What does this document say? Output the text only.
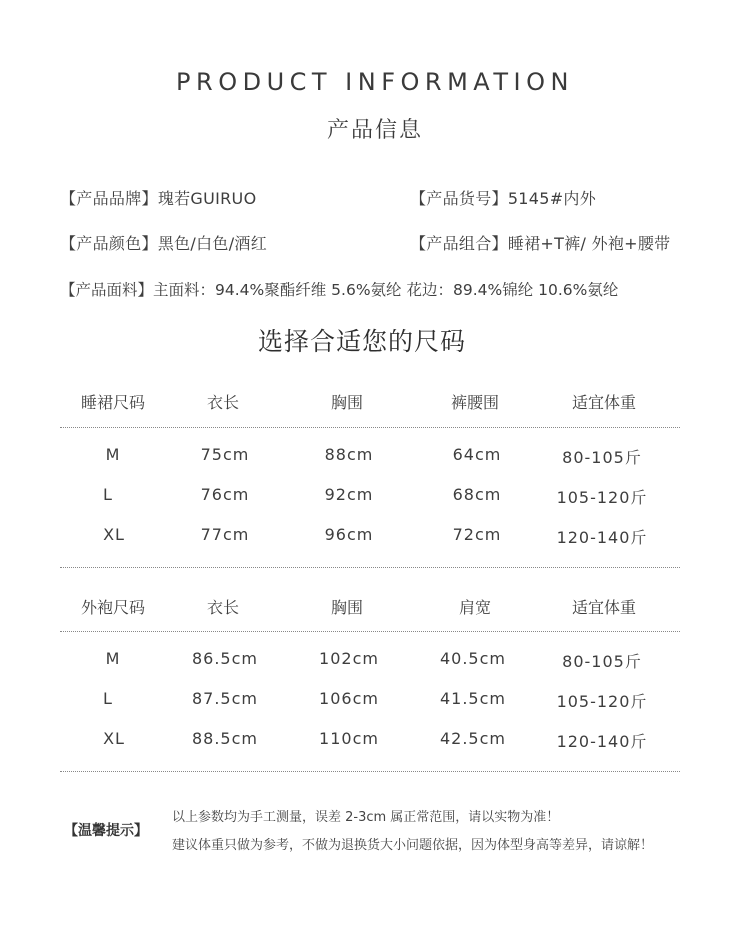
PRODUCT INFORMATION
产品信息
【产品品牌】瑰若GUIRUO	【产品货号】5145#内外
【产品颜色】黑色/白色/酒红	【产品组合】睡裙+T裤/ 外袍+腰带
【产品面料】主面料：94.4%聚酯纤维 5.6%氨纶 花边：89.4%锦纶 10.6%氨纶
选择合适您的尺码
睡裙尺码	衣长	胸围	裤腰围	适宜体重
M	75cm	88cm	64cm	80-105斤
L	76cm	92cm	68cm	105-120斤
XL	77cm	96cm	72cm	120-140斤
外袍尺码	衣长	胸围	肩宽	适宜体重
M	86.5cm	102cm	40.5cm	80-105斤
L	87.5cm	106cm	41.5cm	105-120斤
XL	88.5cm	110cm	42.5cm	120-140斤
【温馨提示】
以上参数均为手工测量，误差 2-3cm 属正常范围，请以实物为准！
建议体重只做为参考，不做为退换货大小问题依据，因为体型身高等差异，请谅解！
